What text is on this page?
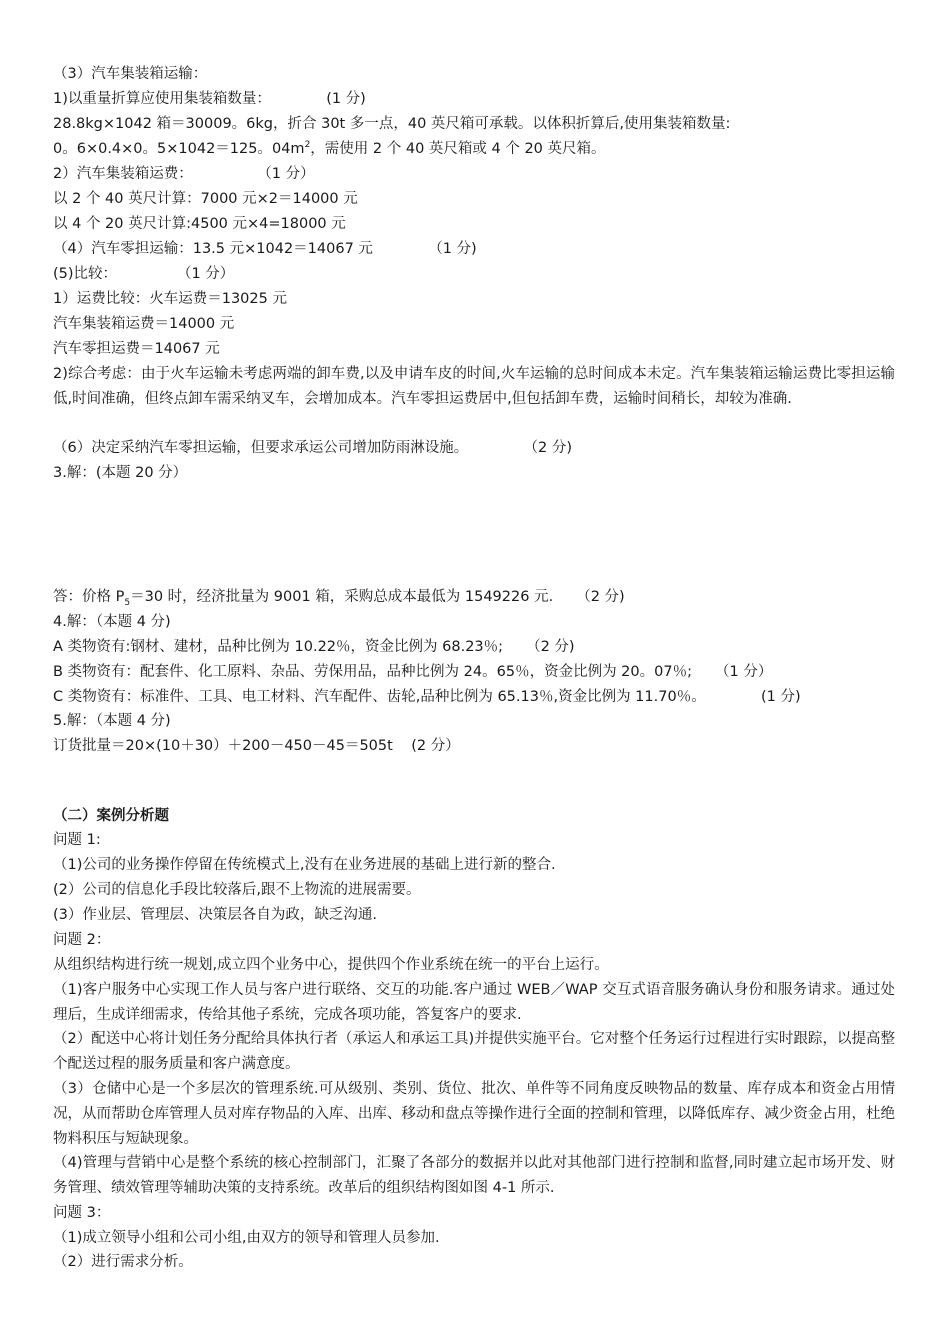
（3）汽车集装箱运输：
1)以重量折算应使用集装箱数量：            (1 分)
28.8kg×1042 箱＝30009。6kg，折合 30t 多一点，40 英尺箱可承载。以体积折算后,使用集装箱数量:
0。6×0.4×0。5×1042＝125。$04m^2$，需使用 2 个 40 英尺箱或 4 个 20 英尺箱。
2）汽车集装箱运费：              （1 分）
以 2 个 40 英尺计算：7000 元×2＝14000 元
以 4 个 20 英尺计算:4500 元×4=18000 元
（4）汽车零担运输：13.5 元×1042＝14067 元            （1 分)
(5)比较：             （1 分）
1）运费比较：火车运费＝13025 元
汽车集装箱运费＝14000 元
汽车零担运费＝14067 元
2)综合考虑：由于火车运输未考虑两端的卸车费,以及申请车皮的时间,火车运输的总时间成本未定。汽车集装箱运输运费比零担运输低,时间准确，但终点卸车需采纳叉车，会增加成本。汽车零担运费居中,但包括卸车费，运输时间稍长，却较为准确.
（6）决定采纳汽车零担运输，但要求承运公司增加防雨淋设施。            （2 分)
3.解：(本题 20 分）
答：价格 $P_5=30$ 时，经济批量为 9001 箱，采购总成本最低为 1549226 元.     （2 分)
4.解：（本题 4 分)
A 类物资有:钢材、建材，品种比例为 10.22％，资金比例为 68.23％;     （2 分)
B 类物资有：配套件、化工原料、杂品、劳保用品，品种比例为 24。65％，资金比例为 20。07％;     （1 分）
C 类物资有：标准件、工具、电工材料、汽车配件、齿轮,品种比例为 65.13％,资金比例为 11.70％。            (1 分)
5.解：（本题 4 分)
订货批量＝20×(10＋30）＋200－450－45＝505t    (2 分）
（二）案例分析题
问题 1:
（1)公司的业务操作停留在传统模式上,没有在业务进展的基础上进行新的整合.
(2）公司的信息化手段比较落后,跟不上物流的进展需要。
(3）作业层、管理层、决策层各自为政，缺乏沟通.
问题 2：
从组织结构进行统一规划,成立四个业务中心，提供四个作业系统在统一的平台上运行。
（1)客户服务中心实现工作人员与客户进行联络、交互的功能.客户通过 WEB／WAP 交互式语音服务确认身份和服务请求。通过处理后，生成详细需求，传给其他子系统，完成各项功能，答复客户的要求.
（2）配送中心将计划任务分配给具体执行者（承运人和承运工具)并提供实施平台。它对整个任务运行过程进行实时跟踪，以提高整个配送过程的服务质量和客户满意度。
（3）仓储中心是一个多层次的管理系统.可从级别、类别、货位、批次、单件等不同角度反映物品的数量、库存成本和资金占用情况，从而帮助仓库管理人员对库存物品的入库、出库、移动和盘点等操作进行全面的控制和管理，以降低库存、减少资金占用，杜绝物料积压与短缺现象。
（4)管理与营销中心是整个系统的核心控制部门，汇聚了各部分的数据并以此对其他部门进行控制和监督,同时建立起市场开发、财务管理、绩效管理等辅助决策的支持系统。改革后的组织结构图如图 4-1 所示.
问题 3：
（1)成立领导小组和公司小组,由双方的领导和管理人员参加.
（2）进行需求分析。
